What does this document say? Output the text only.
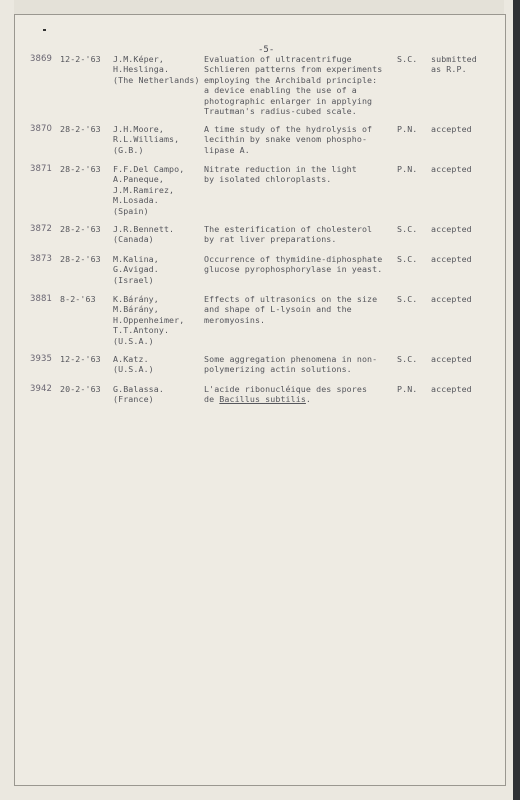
-5-
3869 12-2-'63 J.M.Képer,
H.Heslinga.
(The Netherlands)
Evaluation of ultracentrifuge
Schlieren patterns from experiments
employing the Archibald principle:
a device enabling the use of a
photographic enlarger in applying
Trautman's radius-cubed scale.
S.C. submitted
as R.P.
3870 28-2-'63 J.H.Moore,
R.L.Williams,
(G.B.)
A time study of the hydrolysis of
lecithin by snake venom phospho-
lipase A.
P.N. accepted
3871 28-2-'63 F.F.Del Campo,
A.Paneque,
J.M.Ramirez,
M.Losada.
(Spain)
Nitrate reduction in the light
by isolated chloroplasts.
P.N. accepted
3872 28-2-'63 J.R.Bennett.
(Canada)
The esterification of cholesterol
by rat liver preparations.
S.C. accepted
3873 28-2-'63 M.Kalina,
G.Avigad.
(Israel)
Occurrence of thymidine-diphosphate
glucose pyrophosphorylase in yeast.
S.C. accepted
3881 8-2-'63 K.Bárány,
M.Bárány,
H.Oppenheimer,
T.T.Antony.
(U.S.A.)
Effects of ultrasonics on the size
and shape of L-lysoin and the
meromyosins.
S.C. accepted
3935 12-2-'63 A.Katz.
(U.S.A.)
Some aggregation phenomena in non-
polymerizing actin solutions.
S.C. accepted
3942 20-2-'63 G.Balassa.
(France)
L'acide ribonucléique des spores
de Bacillus subtilis.
P.N. accepted
